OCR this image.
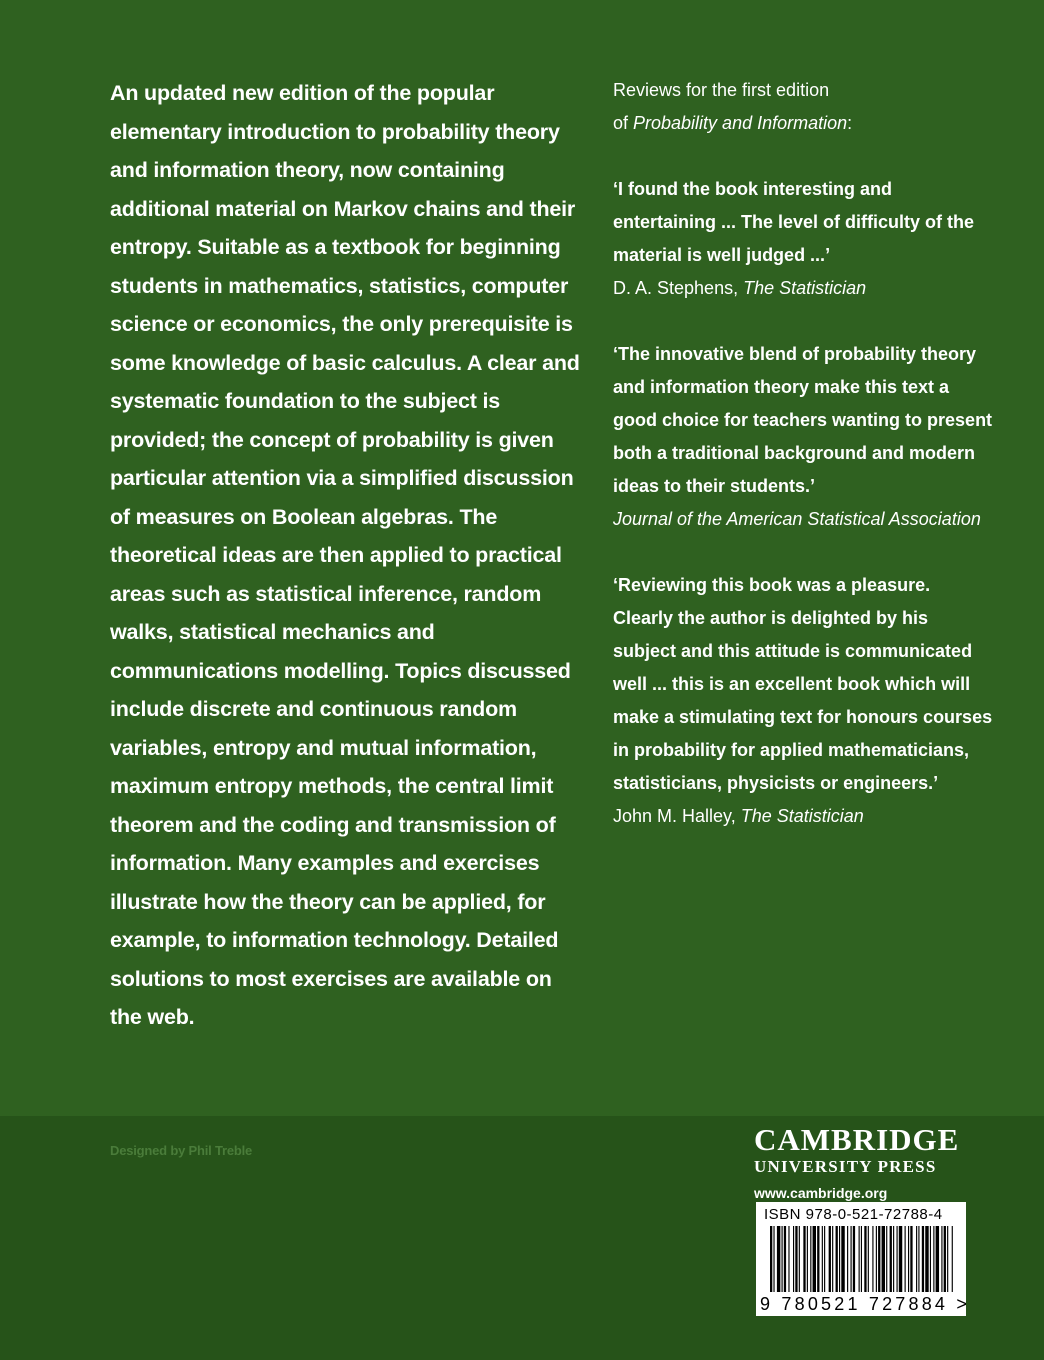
An updated new edition of the popular elementary introduction to probability theory and information theory, now containing additional material on Markov chains and their entropy. Suitable as a textbook for beginning students in mathematics, statistics, computer science or economics, the only prerequisite is some knowledge of basic calculus. A clear and systematic foundation to the subject is provided; the concept of probability is given particular attention via a simplified discussion of measures on Boolean algebras. The theoretical ideas are then applied to practical areas such as statistical inference, random walks, statistical mechanics and communications modelling. Topics discussed include discrete and continuous random variables, entropy and mutual information, maximum entropy methods, the central limit theorem and the coding and transmission of information. Many examples and exercises illustrate how the theory can be applied, for example, to information technology. Detailed solutions to most exercises are available on the web.
Reviews for the first edition
of Probability and Information:
‘I found the book interesting and entertaining ... The level of difficulty of the material is well judged ...’
D. A. Stephens, The Statistician
‘The innovative blend of probability theory and information theory make this text a good choice for teachers wanting to present both a traditional background and modern ideas to their students.’
Journal of the American Statistical Association
‘Reviewing this book was a pleasure. Clearly the author is delighted by his subject and this attitude is communicated well ... this is an excellent book which will make a stimulating text for honours courses in probability for applied mathematicians, statisticians, physicists or engineers.’
John M. Halley, The Statistician
Designed by Phil Treble	CAMBRIDGE
UNIVERSITY PRESS
www.cambridge.org
ISBN 978-0-521-72788-4
9 780521 727884 >
